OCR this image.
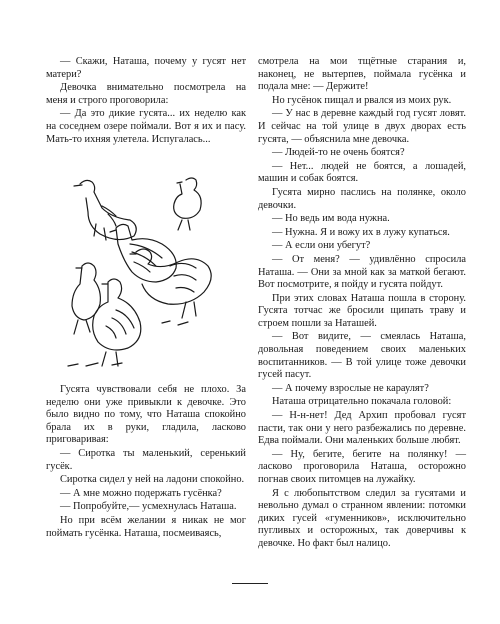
— Скажи, Наташа, почему у гусят нет матери?

Девочка внимательно посмотрела на меня и строго проговорила:

— Да это дикие гусята... их неделю как на соседнем озере поймали. Вот я их и пасу. Мать-то ихняя улетела. Испугалась...

Гусята чувствовали себя не плохо. За неделю они уже привыкли к девочке. Это было видно по тому, что Наташа спокойно брала их в руки, гладила, ласково приговаривая:

— Сиротка ты маленький, серенький гусёк.

Сиротка сидел у ней на ладони спокойно.

— А мне можно подержать гусёнка?

— Попробуйте,— усмехнулась Наташа.

Но при всём желании я никак не мог поймать гусёнка. Наташа, посмеиваясь,

смотрела на мои тщётные старания и, наконец, не вытерпев, поймала гусёнка и подала мне: — Держите!

Но гусёнок пищал и рвался из моих рук.

— У нас в деревне каждый год гусят ловят. И сейчас на той улице в двух дворах есть гусята, — объяснила мне девочка.

— Людей-то не очень боятся?

— Нет... людей не боятся, а лошадей, машин и собак боятся.

Гусята мирно паслись на полянке, около девочки.

— Но ведь им вода нужна.

— Нужна. Я и вожу их в лужу купаться.

— А если они убегут?

— От меня? — удивлённо спросила Наташа. — Они за мной как за маткой бегают. Вот посмотрите, я пойду и гусята пойдут.

При этих словах Наташа пошла в сторону. Гусята тотчас же бросили щипать траву и строем пошли за Наташей.

— Вот видите, — смеялась Наташа, довольная поведением своих маленьких воспитанников. — В той улице тоже девочки гусей пасут.

— А почему взрослые не караулят?

Наташа отрицательно покачала головой:

— Н-н-нет! Дед Архип пробовал гусят пасти, так они у него разбежались по деревне. Едва поймали. Они маленьких больше любят.

— Ну, бегите, бегите на полянку! — ласково проговорила Наташа, осторожно погнав своих питомцев на лужайку.

Я с любопытством следил за гусятами и невольно думал о странном явлении: потомки диких гусей «гуменников», исключительно пугливых и осторожных, так доверчивы к девочке. Но факт был налицо.
